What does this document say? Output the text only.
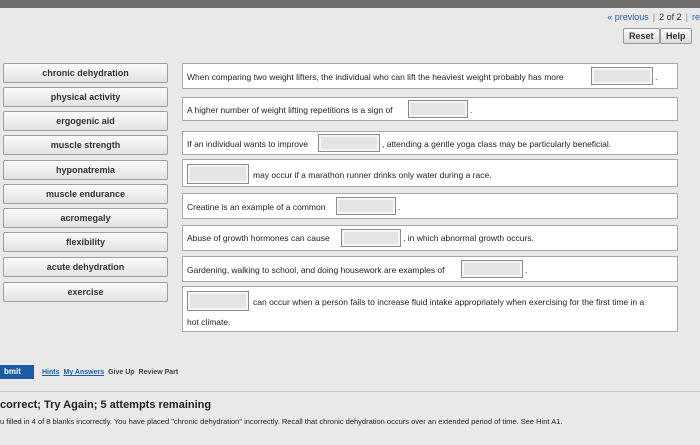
« previous | 2 of 2 | re
Reset	Help
chronic dehydration
physical activity
ergogenic aid
muscle strength
hyponatremia
muscle endurance
acromegaly
flexibility
acute dehydration
exercise
When comparing two weight lifters, the individual who can lift the heaviest weight probably has more	.
A higher number of weight lifting repetitions is a sign of	.
If an individual wants to improve	, attending a gentle yoga class may be particularly beneficial.
may occur if a marathon runner drinks only water during a race.
Creatine is an example of a common	.
Abuse of growth hormones can cause	, in which abnormal growth occurs.
Gardening, walking to school, and doing housework are examples of	.
can occur when a person fails to increase fluid intake appropriately when exercising for the first time in a
hot climate.
bmit	Hints My Answers Give Up Review Part
correct; Try Again; 5 attempts remaining
u filled in 4 of 8 blanks incorrectly. You have placed "chronic dehydration" incorrectly. Recall that chronic dehydration occurs over an extended period of time. See Hint A1.
